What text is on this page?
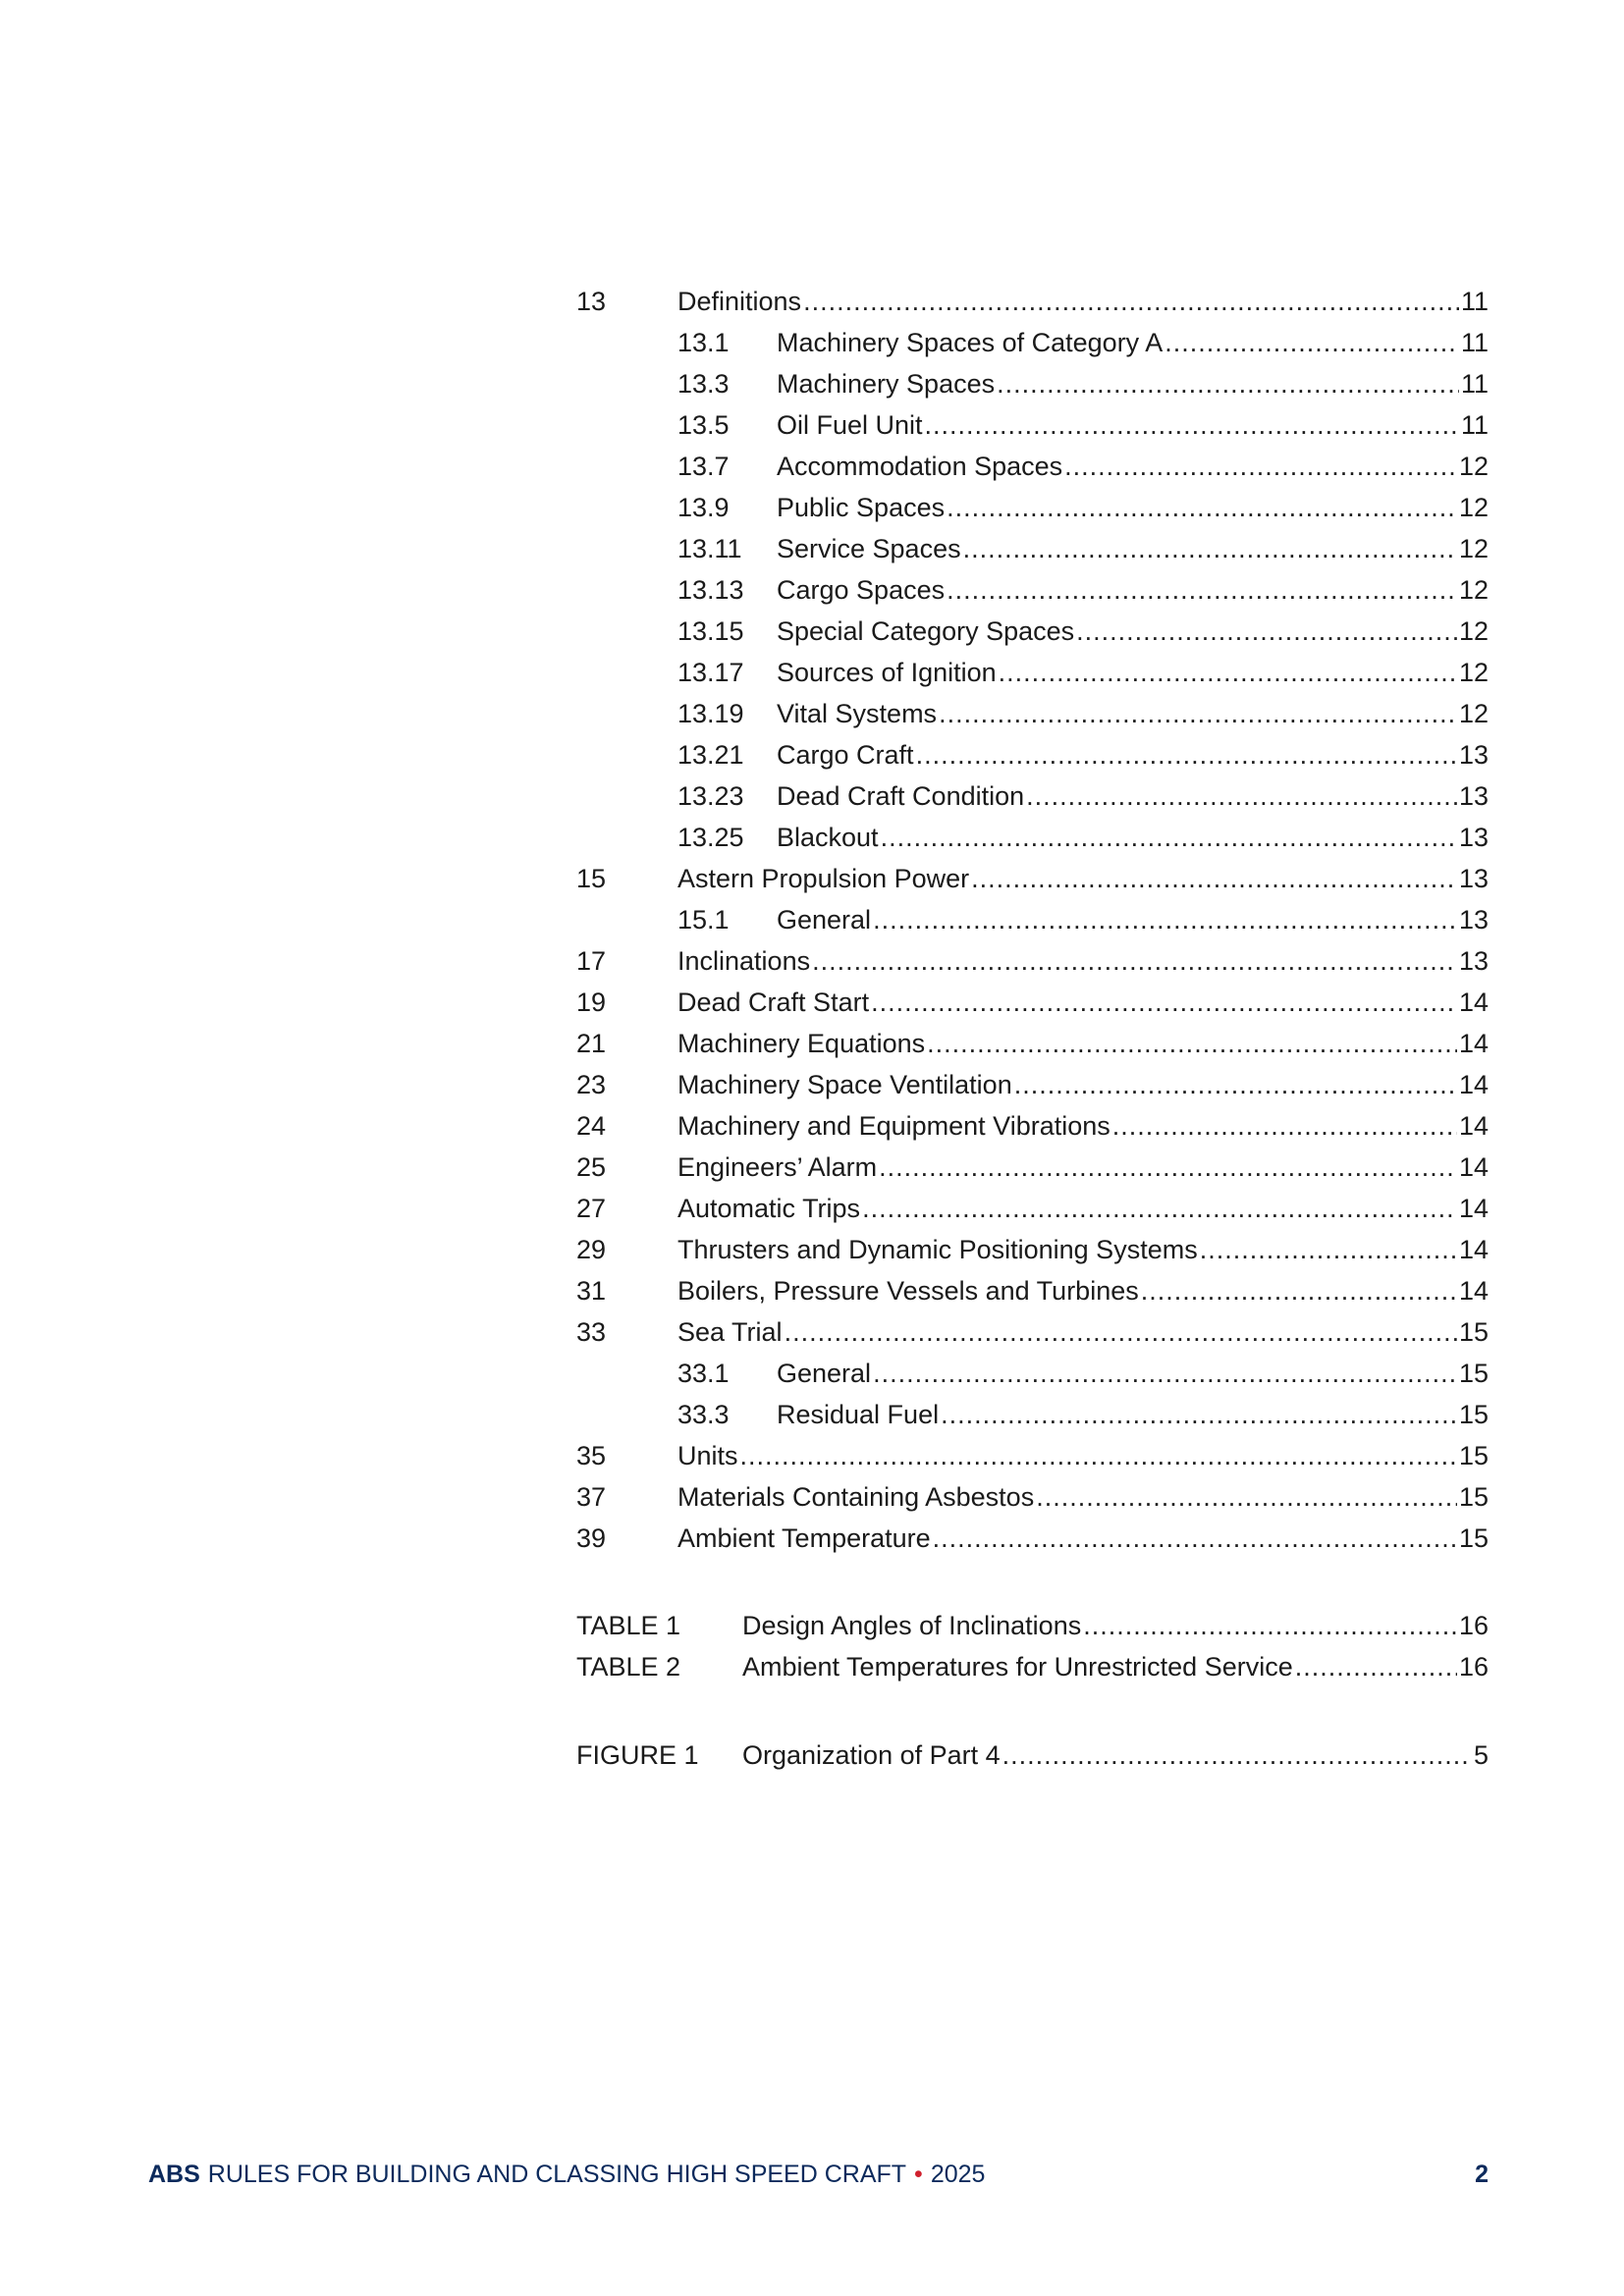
13	Definitions .....	11
13.1	Machinery Spaces of Category A .....	11
13.3	Machinery Spaces .....	11
13.5	Oil Fuel Unit .....	11
13.7	Accommodation Spaces .....	12
13.9	Public Spaces .....	12
13.11	Service Spaces .....	12
13.13	Cargo Spaces .....	12
13.15	Special Category Spaces .....	12
13.17	Sources of Ignition .....	12
13.19	Vital Systems .....	12
13.21	Cargo Craft .....	13
13.23	Dead Craft Condition .....	13
13.25	Blackout .....	13
15	Astern Propulsion Power .....	13
15.1	General .....	13
17	Inclinations .....	13
19	Dead Craft Start .....	14
21	Machinery Equations .....	14
23	Machinery Space Ventilation .....	14
24	Machinery and Equipment Vibrations .....	14
25	Engineers’ Alarm .....	14
27	Automatic Trips .....	14
29	Thrusters and Dynamic Positioning Systems .....	14
31	Boilers, Pressure Vessels and Turbines .....	14
33	Sea Trial .....	15
33.1	General .....	15
33.3	Residual Fuel .....	15
35	Units .....	15
37	Materials Containing Asbestos .....	15
39	Ambient Temperature .....	15
TABLE 1	Design Angles of Inclinations .....	16
TABLE 2	Ambient Temperatures for Unrestricted Service .....	16
FIGURE 1	Organization of Part 4 .....	5
ABS RULES FOR BUILDING AND CLASSING HIGH SPEED CRAFT • 2025	2
